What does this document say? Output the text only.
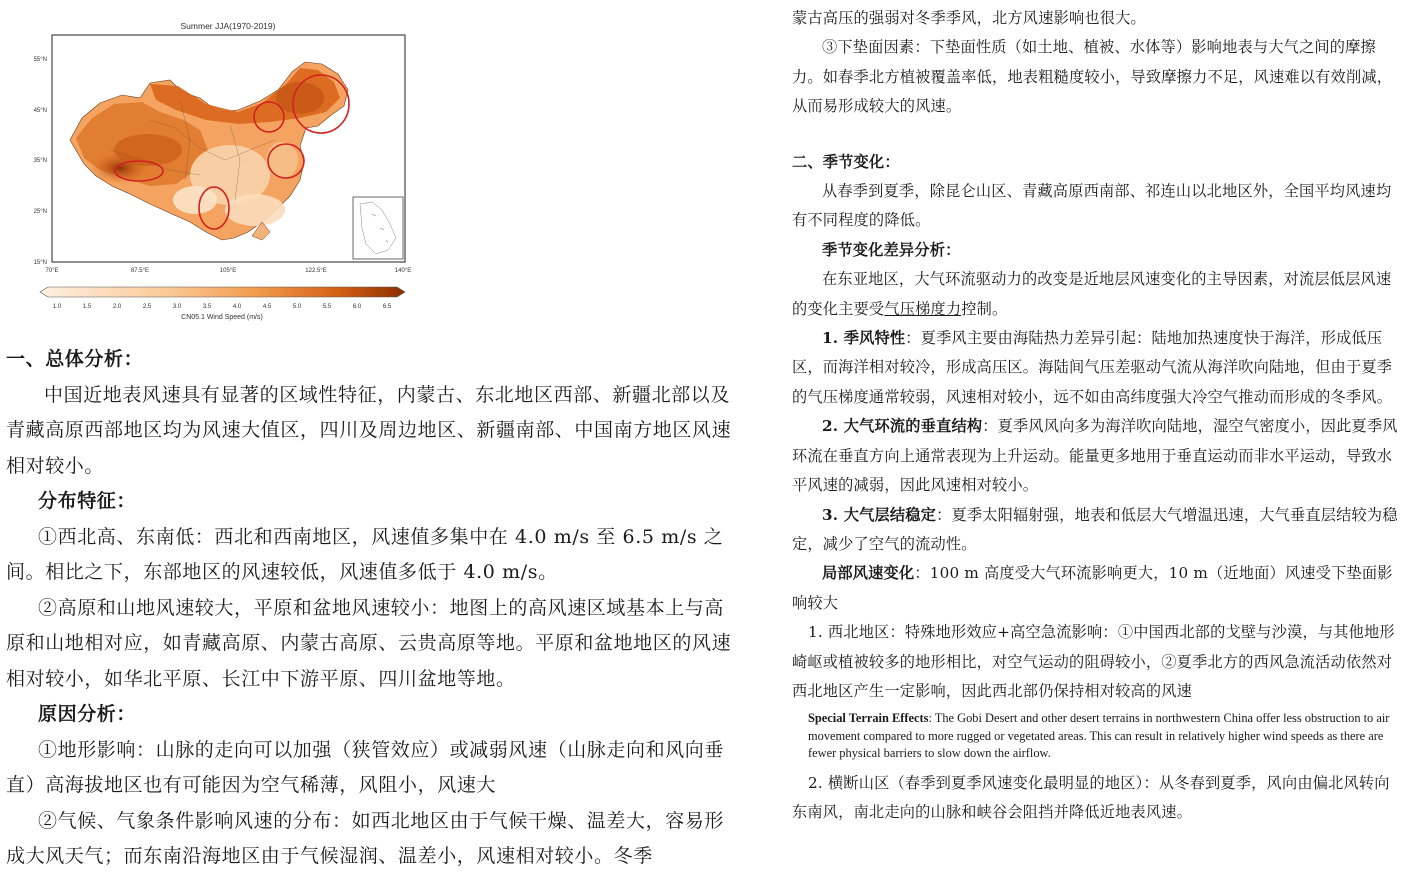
Summer JJA(1970-2019)
55°N
45°N
35°N
25°N
15°N
70°E	87.5°E	105°E	122.5°E	140°E
1.0	1.5	2.0	2.5	3.0	3.5	4.0	4.5	5.0	5.5	6.0	6.5
CN05.1 Wind Speed (m/s)

一、总体分析：

中国近地表风速具有显著的区域性特征，内蒙古、东北地区西部、新疆北部以及青藏高原西部地区均为风速大值区，四川及周边地区、新疆南部、中国南方地区风速相对较小。

分布特征：

①西北高、东南低：西北和西南地区，风速值多集中在 4.0 m/s 至 6.5 m/s 之间。相比之下，东部地区的风速较低，风速值多低于 4.0 m/s。

②高原和山地风速较大，平原和盆地风速较小：地图上的高风速区域基本上与高原和山地相对应，如青藏高原、内蒙古高原、云贵高原等地。平原和盆地地区的风速相对较小，如华北平原、长江中下游平原、四川盆地等地。

原因分析：

①地形影响：山脉的走向可以加强（狭管效应）或减弱风速（山脉走向和风向垂直）高海拔地区也有可能因为空气稀薄，风阻小，风速大

②气候、气象条件影响风速的分布：如西北地区由于气候干燥、温差大，容易形成大风天气；而东南沿海地区由于气候湿润、温差小，风速相对较小。冬季

蒙古高压的强弱对冬季季风，北方风速影响也很大。

③下垫面因素：下垫面性质（如土地、植被、水体等）影响地表与大气之间的摩擦力。如春季北方植被覆盖率低，地表粗糙度较小，导致摩擦力不足，风速难以有效削减，从而易形成较大的风速。

二、季节变化：

从春季到夏季，除昆仑山区、青藏高原西南部、祁连山以北地区外，全国平均风速均有不同程度的降低。

季节变化差异分析：

在东亚地区，大气环流驱动力的改变是近地层风速变化的主导因素，对流层低层风速的变化主要受气压梯度力控制。

1. 季风特性：夏季风主要由海陆热力差异引起：陆地加热速度快于海洋，形成低压区，而海洋相对较冷，形成高压区。海陆间气压差驱动气流从海洋吹向陆地，但由于夏季的气压梯度通常较弱，风速相对较小，远不如由高纬度强大冷空气推动而形成的冬季风。

2. 大气环流的垂直结构：夏季风风向多为海洋吹向陆地，湿空气密度小，因此夏季风环流在垂直方向上通常表现为上升运动。能量更多地用于垂直运动而非水平运动，导致水平风速的减弱，因此风速相对较小。

3. 大气层结稳定：夏季太阳辐射强，地表和低层大气增温迅速，大气垂直层结较为稳定，减少了空气的流动性。

局部风速变化：100 m 高度受大气环流影响更大，10 m（近地面）风速受下垫面影响较大

1. 西北地区：特殊地形效应+高空急流影响：①中国西北部的戈壁与沙漠，与其他地形崎岖或植被较多的地形相比，对空气运动的阻碍较小，②夏季北方的西风急流活动依然对西北地区产生一定影响，因此西北部仍保持相对较高的风速

Special Terrain Effects: The Gobi Desert and other desert terrains in northwestern China offer less obstruction to air movement compared to more rugged or vegetated areas. This can result in relatively higher wind speeds as there are fewer physical barriers to slow down the airflow.

2. 横断山区（春季到夏季风速变化最明显的地区）：从冬春到夏季，风向由偏北风转向东南风，南北走向的山脉和峡谷会阻挡并降低近地表风速。
